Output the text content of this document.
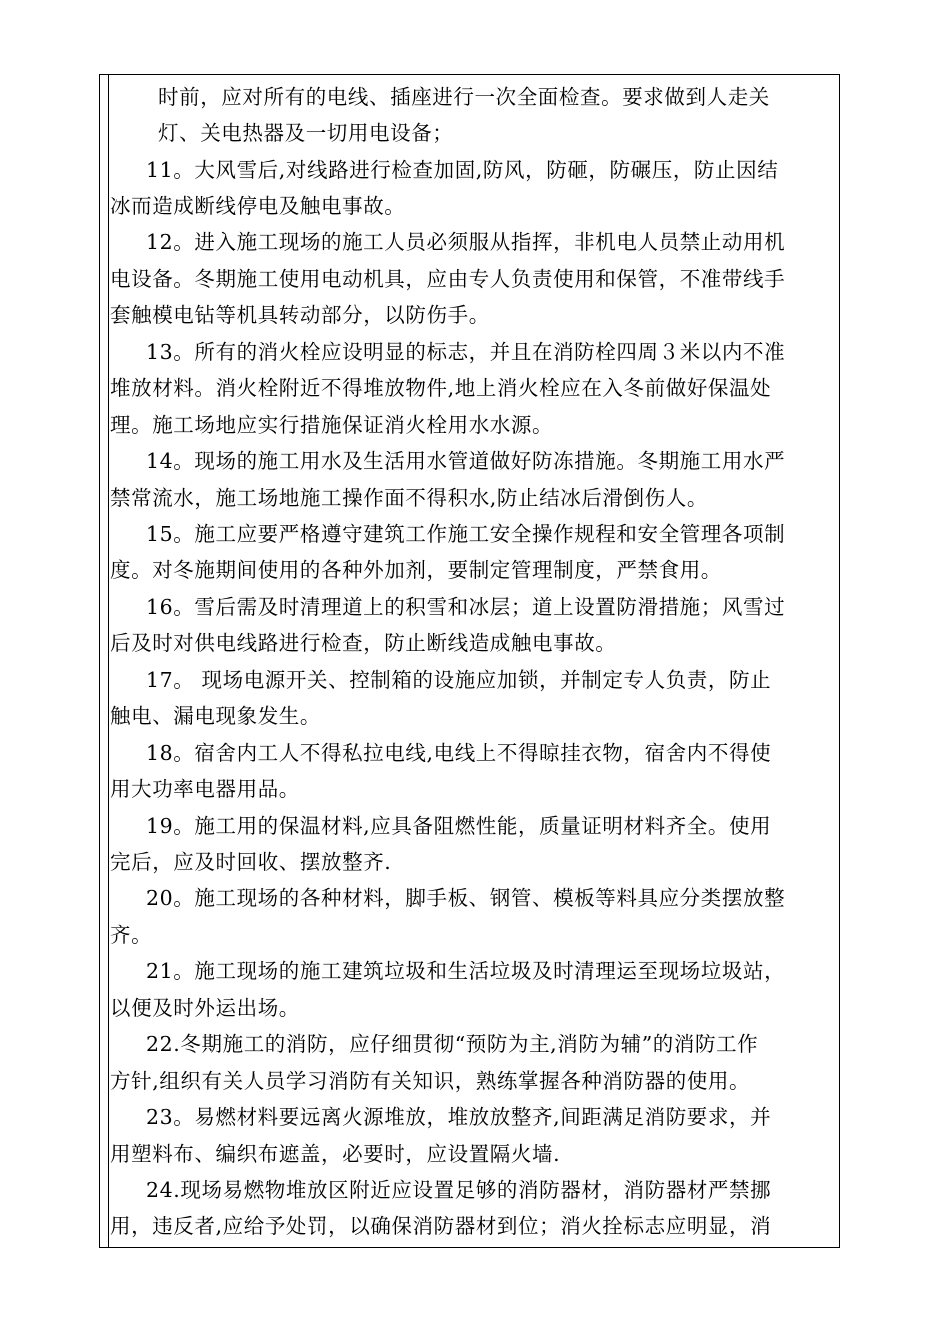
时前，应对所有的电线、插座进行一次全面检查。要求做到人走关
灯、关电热器及一切用电设备；
11。大风雪后,对线路进行检查加固,防风，防砸，防碾压，防止因结
冰而造成断线停电及触电事故。
12。进入施工现场的施工人员必须服从指挥，非机电人员禁止动用机
电设备。冬期施工使用电动机具，应由专人负责使用和保管，不准带线手
套触模电钻等机具转动部分，以防伤手。
13。所有的消火栓应设明显的标志，并且在消防栓四周３米以内不准
堆放材料。消火栓附近不得堆放物件,地上消火栓应在入冬前做好保温处
理。施工场地应实行措施保证消火栓用水水源。
14。现场的施工用水及生活用水管道做好防冻措施。冬期施工用水严
禁常流水，施工场地施工操作面不得积水,防止结冰后滑倒伤人。
15。施工应要严格遵守建筑工作施工安全操作规程和安全管理各项制
度。对冬施期间使用的各种外加剂，要制定管理制度，严禁食用。
16。雪后需及时清理道上的积雪和冰层；道上设置防滑措施；风雪过
后及时对供电线路进行检查，防止断线造成触电事故。
17。 现场电源开关、控制箱的设施应加锁，并制定专人负责，防止
触电、漏电现象发生。
18。宿舍内工人不得私拉电线,电线上不得晾挂衣物，宿舍内不得使
用大功率电器用品。
19。施工用的保温材料,应具备阻燃性能，质量证明材料齐全。使用
完后，应及时回收、摆放整齐.
20。施工现场的各种材料，脚手板、钢管、模板等料具应分类摆放整
齐。
21。施工现场的施工建筑垃圾和生活垃圾及时清理运至现场垃圾站，
以便及时外运出场。
22.冬期施工的消防，应仔细贯彻“预防为主,消防为辅”的消防工作
方针,组织有关人员学习消防有关知识，熟练掌握各种消防器的使用。
23。易燃材料要远离火源堆放，堆放放整齐,间距满足消防要求，并
用塑料布、编织布遮盖，必要时，应设置隔火墙.
24.现场易燃物堆放区附近应设置足够的消防器材，消防器材严禁挪
用，违反者,应给予处罚，以确保消防器材到位；消火拴标志应明显，消
